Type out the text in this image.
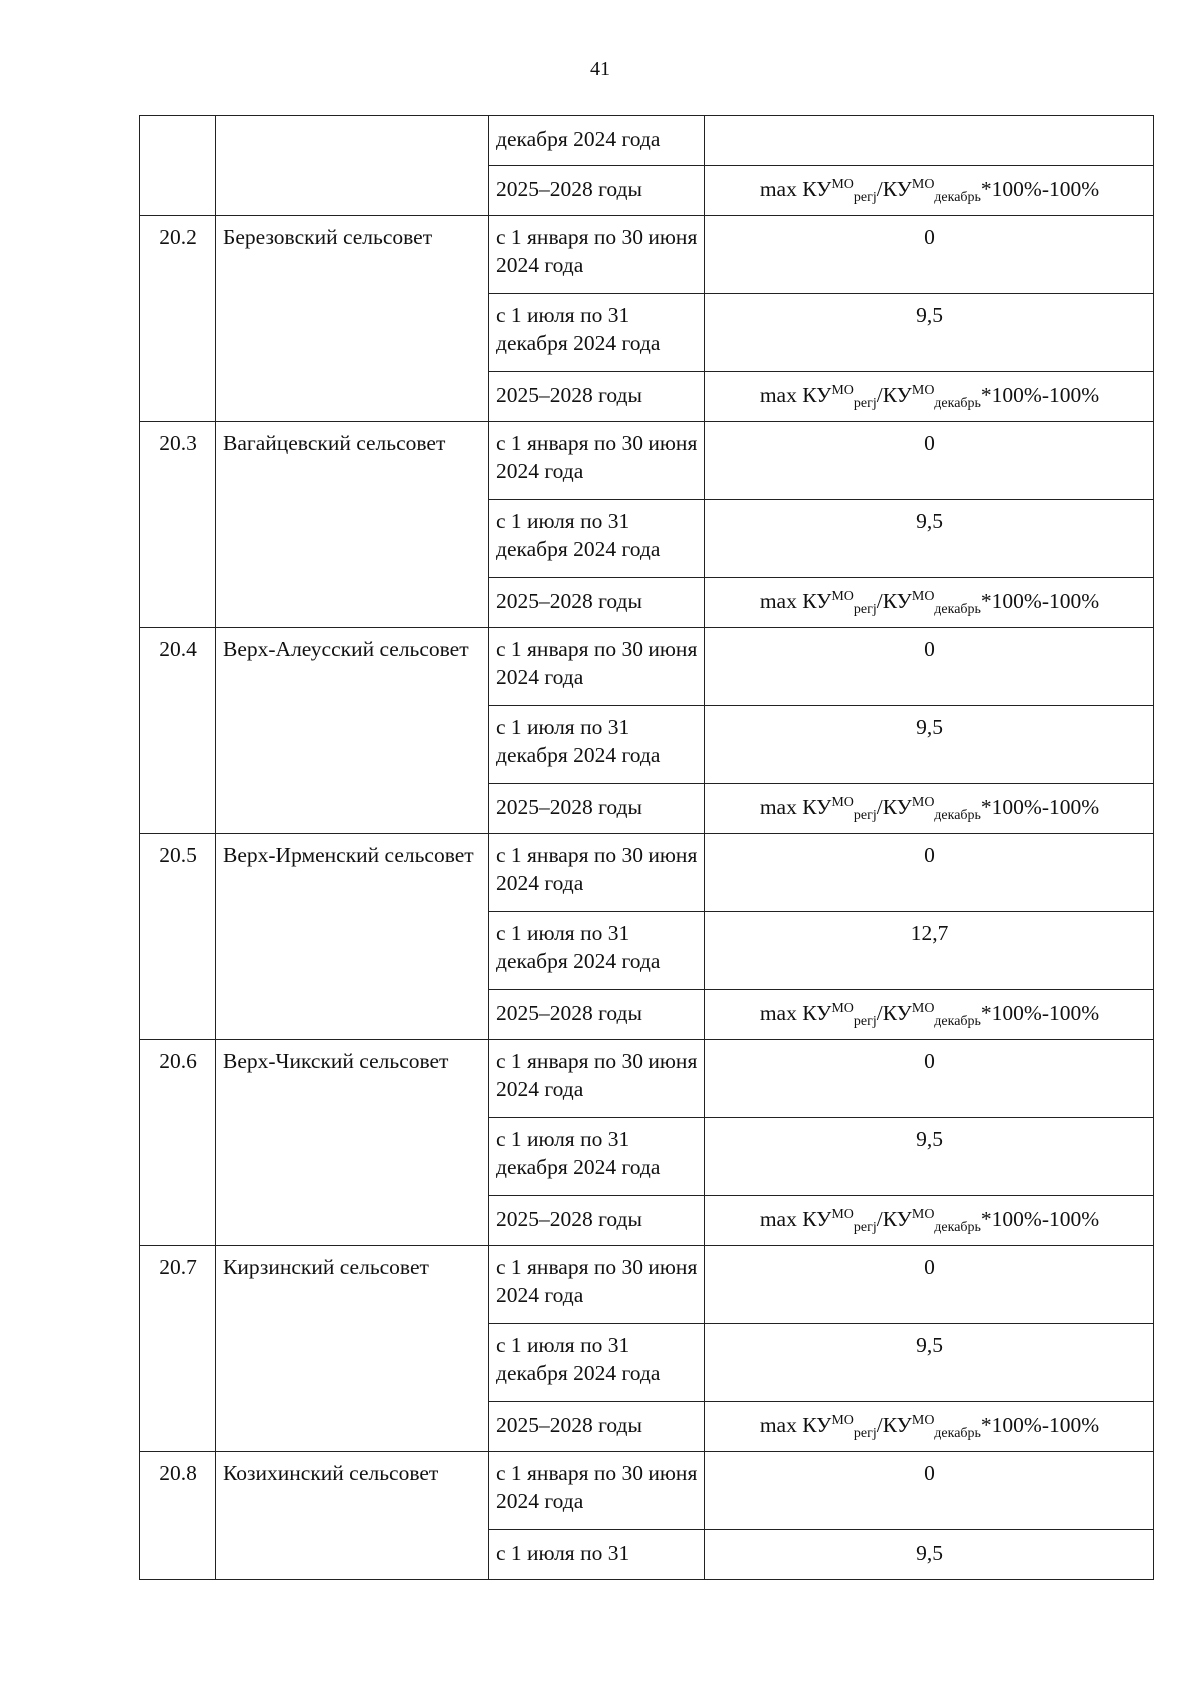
41
		декабря 2024 года	
		2025–2028 годы	$\max КУ^{МО}_{регj}/КУ^{МО}_{декабрь}*100\%-100\%$
20.2	Березовский сельсовет	с 1 января по 30 июня 2024 года	0
		с 1 июля по 31 декабря 2024 года	9,5
		2025–2028 годы	$\max КУ^{МО}_{регj}/КУ^{МО}_{декабрь}*100\%-100\%$
20.3	Вагайцевский сельсовет	с 1 января по 30 июня 2024 года	0
		с 1 июля по 31 декабря 2024 года	9,5
		2025–2028 годы	$\max КУ^{МО}_{регj}/КУ^{МО}_{декабрь}*100\%-100\%$
20.4	Верх-Алеусский сельсовет	с 1 января по 30 июня 2024 года	0
		с 1 июля по 31 декабря 2024 года	9,5
		2025–2028 годы	$\max КУ^{МО}_{регj}/КУ^{МО}_{декабрь}*100\%-100\%$
20.5	Верх-Ирменский сельсовет	с 1 января по 30 июня 2024 года	0
		с 1 июля по 31 декабря 2024 года	12,7
		2025–2028 годы	$\max КУ^{МО}_{регj}/КУ^{МО}_{декабрь}*100\%-100\%$
20.6	Верх-Чикский сельсовет	с 1 января по 30 июня 2024 года	0
		с 1 июля по 31 декабря 2024 года	9,5
		2025–2028 годы	$\max КУ^{МО}_{регj}/КУ^{МО}_{декабрь}*100\%-100\%$
20.7	Кирзинский сельсовет	с 1 января по 30 июня 2024 года	0
		с 1 июля по 31 декабря 2024 года	9,5
		2025–2028 годы	$\max КУ^{МО}_{регj}/КУ^{МО}_{декабрь}*100\%-100\%$
20.8	Козихинский сельсовет	с 1 января по 30 июня 2024 года	0
		с 1 июля по 31	9,5
